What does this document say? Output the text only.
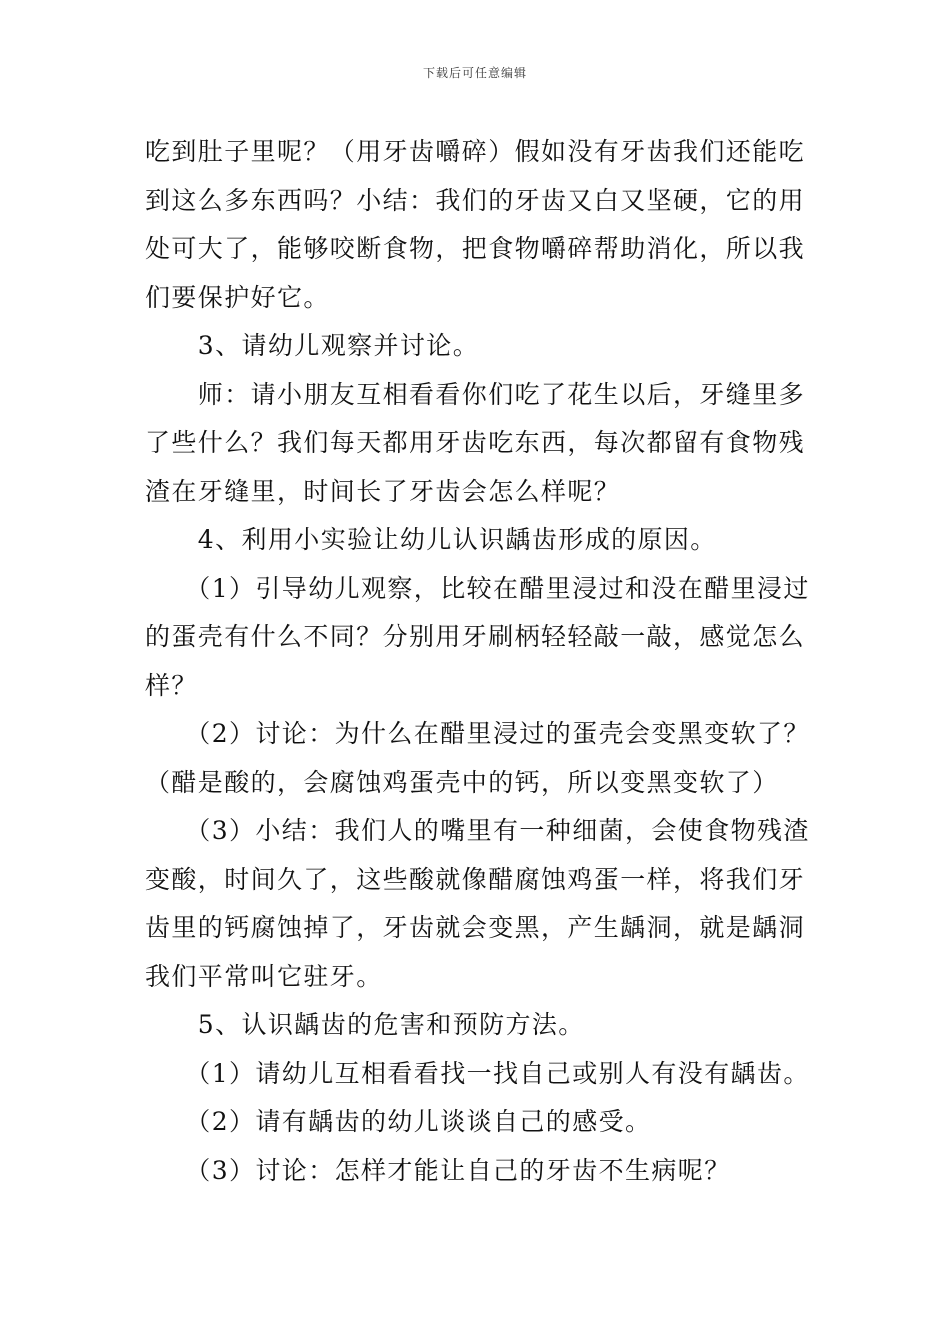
下载后可任意编辑
吃到肚子里呢？（用牙齿嚼碎）假如没有牙齿我们还能吃
到这么多东西吗？小结：我们的牙齿又白又坚硬，它的用
处可大了，能够咬断食物，把食物嚼碎帮助消化，所以我
们要保护好它。
　　3、请幼儿观察并讨论。
　　师：请小朋友互相看看你们吃了花生以后，牙缝里多
了些什么？我们每天都用牙齿吃东西，每次都留有食物残
渣在牙缝里，时间长了牙齿会怎么样呢？
　　4、利用小实验让幼儿认识龋齿形成的原因。
　　（1）引导幼儿观察，比较在醋里浸过和没在醋里浸过
的蛋壳有什么不同？分别用牙刷柄轻轻敲一敲，感觉怎么
样？
　　（2）讨论：为什么在醋里浸过的蛋壳会变黑变软了？
（醋是酸的，会腐蚀鸡蛋壳中的钙，所以变黑变软了）
　　（3）小结：我们人的嘴里有一种细菌，会使食物残渣
变酸，时间久了，这些酸就像醋腐蚀鸡蛋一样，将我们牙
齿里的钙腐蚀掉了，牙齿就会变黑，产生龋洞，就是龋洞
我们平常叫它驻牙。
　　5、认识龋齿的危害和预防方法。
　　（1）请幼儿互相看看找一找自己或别人有没有龋齿。
　　（2）请有龋齿的幼儿谈谈自己的感受。
　　（3）讨论：怎样才能让自己的牙齿不生病呢？
